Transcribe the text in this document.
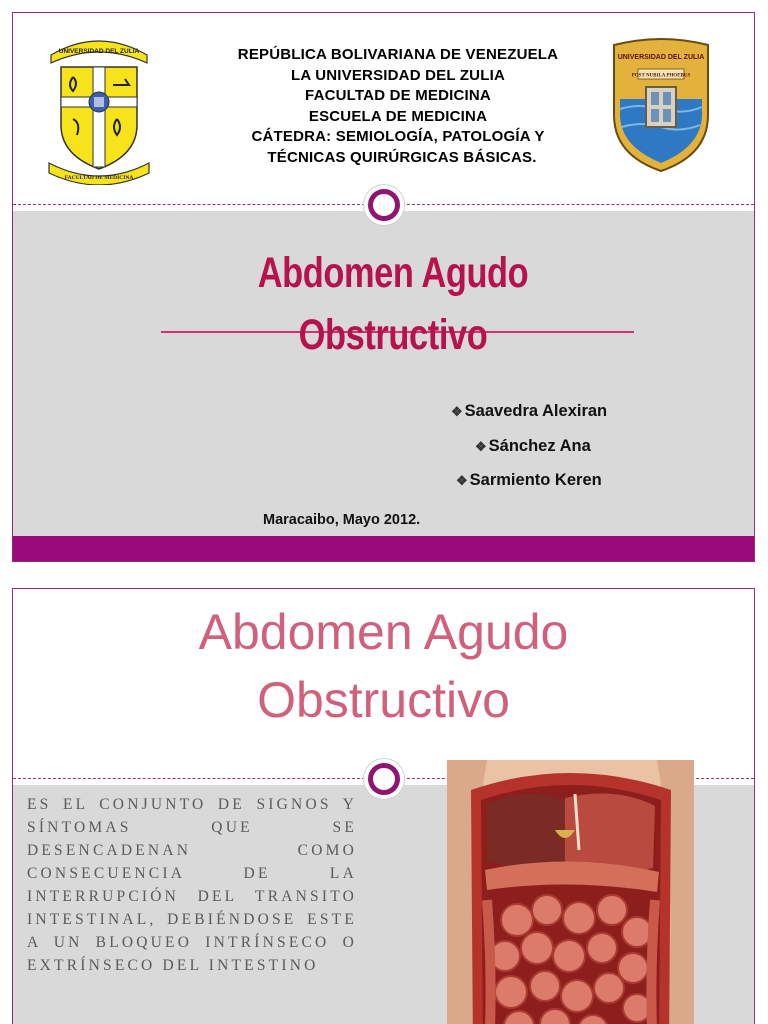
UNIVERSIDAD DEL ZULIA
FACULTAD DE MEDICINA
UNIVERSIDAD DEL ZULIA
POST NUBILA PHOEBUS
REPÚBLICA BOLIVARIANA DE VENEZUELA
LA UNIVERSIDAD DEL ZULIA
FACULTAD DE MEDICINA
ESCUELA DE MEDICINA
CÁTEDRA: SEMIOLOGÍA, PATOLOGÍA Y
TÉCNICAS QUIRÚRGICAS BÁSICAS.
Abdomen Agudo
Obstructivo
❖ Saavedra Alexiran
❖ Sánchez Ana
❖ Sarmiento Keren
Maracaibo, Mayo 2012.
Abdomen Agudo
Obstructivo
ES EL CONJUNTO DE SIGNOS Y SÍNTOMAS QUE SE DESENCADENAN COMO CONSECUENCIA DE LA INTERRUPCIÓN DEL TRANSITO INTESTINAL, DEBIÉNDOSE ESTE A UN BLOQUEO INTRÍNSECO O EXTRÍNSECO DEL INTESTINO
